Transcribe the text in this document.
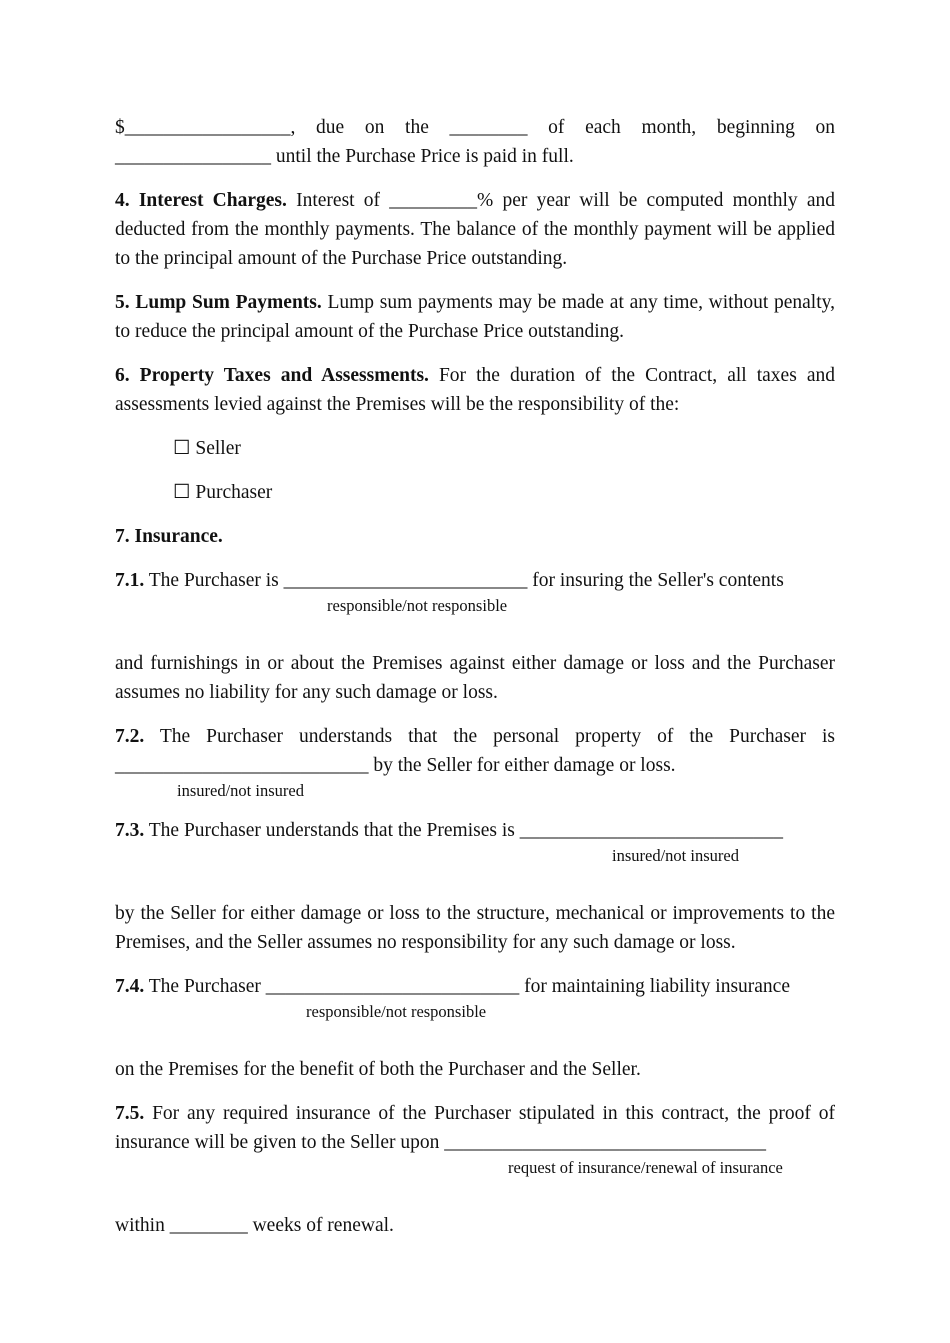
$_________________, due on the ________ of each month, beginning on

________________ until the Purchase Price is paid in full.

4. Interest Charges. Interest of _________% per year will be computed monthly and deducted from the monthly payments. The balance of the monthly payment will be applied to the principal amount of the Purchase Price outstanding.

5. Lump Sum Payments. Lump sum payments may be made at any time, without penalty, to reduce the principal amount of the Purchase Price outstanding.

6. Property Taxes and Assessments. For the duration of the Contract, all taxes and assessments levied against the Premises will be the responsibility of the:

☐ Seller

☐ Purchaser

7. Insurance.

7.1. The Purchaser is _________________________ for insuring the Seller's contents

responsible/not responsible

and furnishings in or about the Premises against either damage or loss and the Purchaser assumes no liability for any such damage or loss.

7.2. The Purchaser understands that the personal property of the Purchaser is __________________________ by the Seller for either damage or loss.

insured/not insured

7.3. The Purchaser understands that the Premises is ___________________________

insured/not insured

by the Seller for either damage or loss to the structure, mechanical or improvements to the Premises, and the Seller assumes no responsibility for any such damage or loss.

7.4. The Purchaser __________________________ for maintaining liability insurance

responsible/not responsible

on the Premises for the benefit of both the Purchaser and the Seller.

7.5. For any required insurance of the Purchaser stipulated in this contract, the proof of insurance will be given to the Seller upon _________________________________

request of insurance/renewal of insurance

within ________ weeks of renewal.
